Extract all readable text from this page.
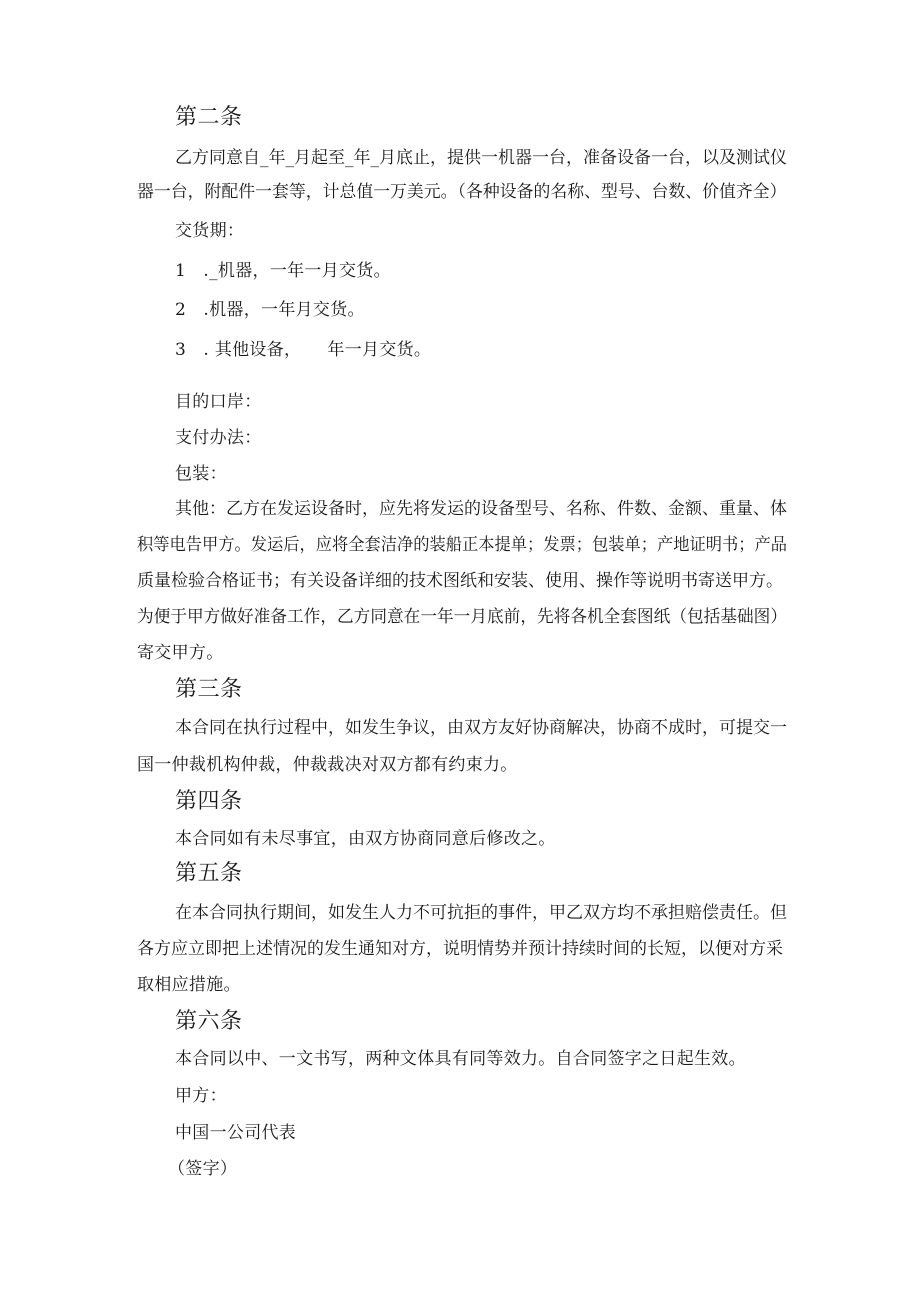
第二条
乙方同意自_年_月起至_年_月底止，提供一机器一台，准备设备一台，以及测试仪
器一台，附配件一套等，计总值一万美元。（各种设备的名称、型号、台数、价值齐全）
交货期：
1　._机器，一年一月交货。
2　.机器，一年月交货。
3　. 其他设备，　　年一月交货。
目的口岸：
支付办法：
包装：
其他：乙方在发运设备时，应先将发运的设备型号、名称、件数、金额、重量、体
积等电告甲方。发运后，应将全套洁净的装船正本提单；发票；包装单；产地证明书；产品
质量检验合格证书；有关设备详细的技术图纸和安装、使用、操作等说明书寄送甲方。
为便于甲方做好准备工作，乙方同意在一年一月底前，先将各机全套图纸（包括基础图）
寄交甲方。
第三条
本合同在执行过程中，如发生争议，由双方友好协商解决，协商不成时，可提交一
国一仲裁机构仲裁，仲裁裁决对双方都有约束力。
第四条
本合同如有未尽事宜，由双方协商同意后修改之。
第五条
在本合同执行期间，如发生人力不可抗拒的事件，甲乙双方均不承担赔偿责任。但
各方应立即把上述情况的发生通知对方，说明情势并预计持续时间的长短，以便对方采
取相应措施。
第六条
本合同以中、一文书写，两种文体具有同等效力。自合同签字之日起生效。
甲方：
中国一公司代表
（签字）
